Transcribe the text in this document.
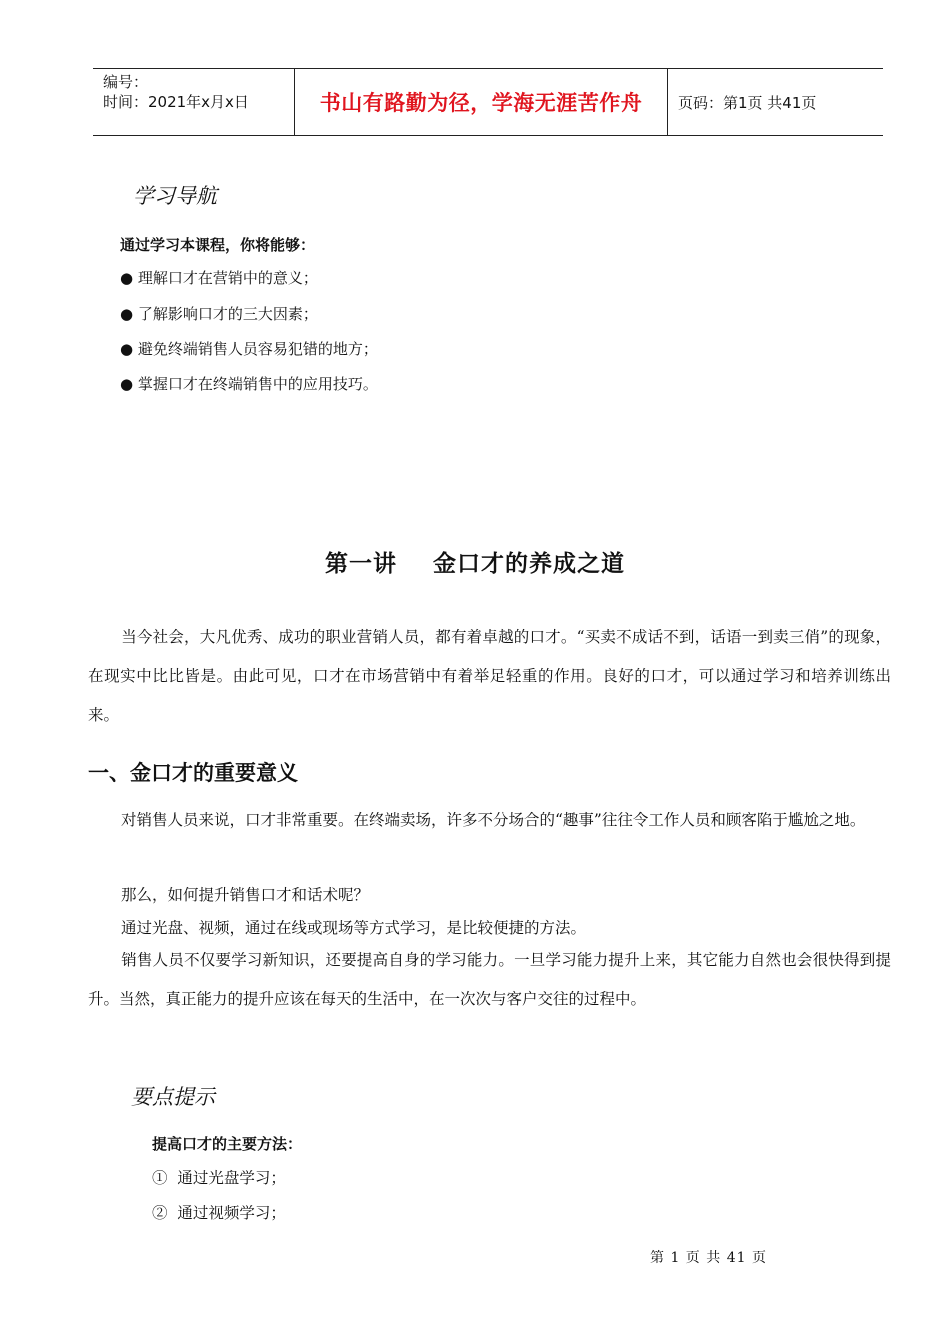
编号：
时间：2021年x月x日	书山有路勤为径，学海无涯苦作舟	页码：第1页 共41页
学习导航
通过学习本课程，你将能够：
● 理解口才在营销中的意义；
● 了解影响口才的三大因素；
● 避免终端销售人员容易犯错的地方；
● 掌握口才在终端销售中的应用技巧。
第一讲    金口才的养成之道
当今社会，大凡优秀、成功的职业营销人员，都有着卓越的口才。“买卖不成话不到，话语一到卖三俏”的现象， 在现实中比比皆是。由此可见，口才在市场营销中有着举足轻重的作用。良好的口才，可以通过学习和培养训练出来。
一、金口才的重要意义
对销售人员来说，口才非常重要。在终端卖场，许多不分场合的“趣事”往往令工作人员和顾客陷于尴尬之地。
那么，如何提升销售口才和话术呢？
通过光盘、视频，通过在线或现场等方式学习，是比较便捷的方法。
销售人员不仅要学习新知识，还要提高自身的学习能力。一旦学习能力提升上来，其它能力自然也会很快得到提升。当然，真正能力的提升应该在每天的生活中，在一次次与客户交往的过程中。
要点提示
提高口才的主要方法：
①  通过光盘学习；
②  通过视频学习；
第 1 页 共 41 页
